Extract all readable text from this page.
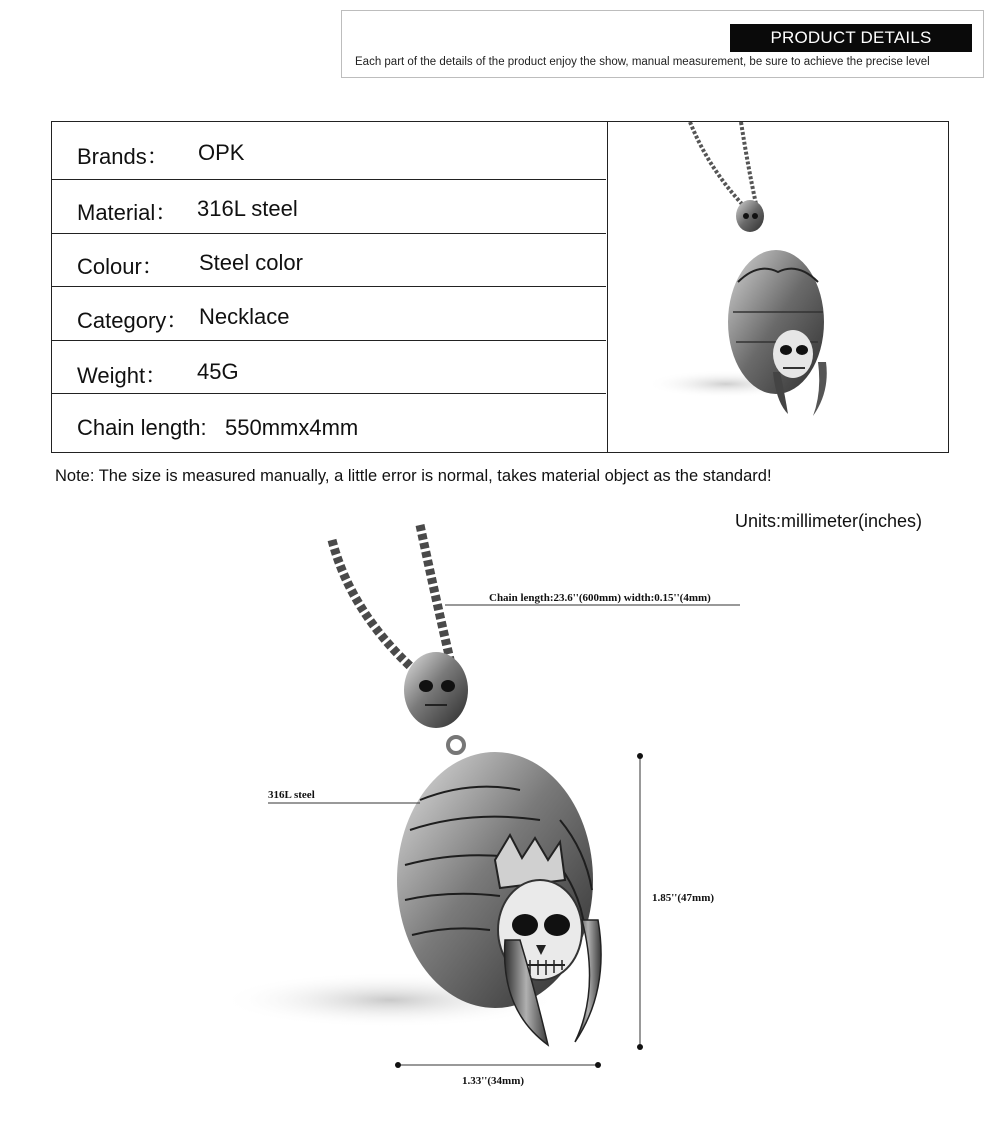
PRODUCT DETAILS
Each part of the details of the product enjoy the show, manual measurement, be sure to achieve the precise level
Brands： OPK
Material： 316L steel
Colour： Steel color
Category： Necklace
Weight： 45G
Chain length: 550mmx4mm
Note: The size is measured manually, a little error is normal, takes material object as the standard!
Units:millimeter(inches)
Chain length:23.6''(600mm) width:0.15''(4mm)
316L steel
1.85''(47mm)
1.33''(34mm)
